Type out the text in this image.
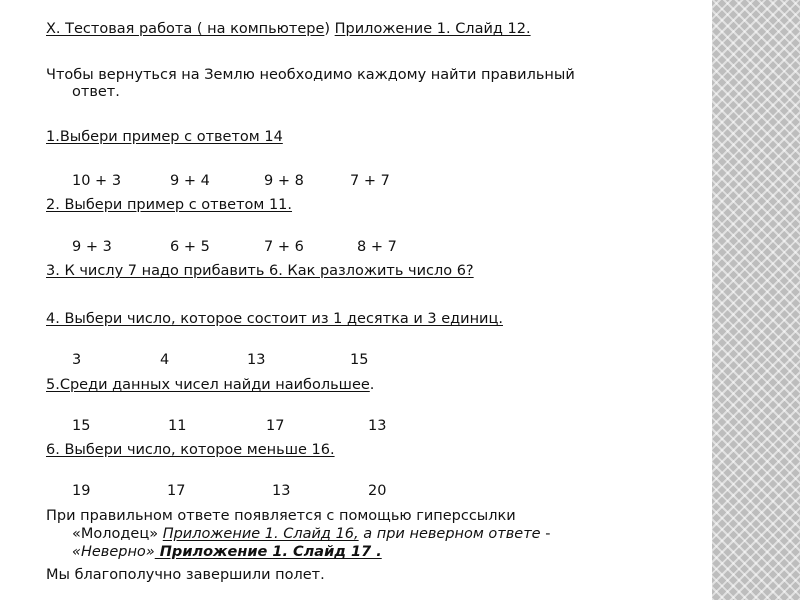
Х. Тестовая работа ( на компьютере) Приложение 1. Слайд 12.
Чтобы вернуться на Землю необходимо каждому найти правильный
ответ.
1.Выбери пример с ответом 14
10 + 3	9 + 4	9 + 8	7 + 7
2. Выбери пример с ответом 11.
9 + 3	6 + 5	7 + 6	8 + 7
3. К числу 7 надо прибавить 6. Как разложить число 6?
4. Выбери число, которое состоит из 1 десятка и 3 единиц.
3	4	13	15
5.Среди данных чисел найди наибольшее.
15	11	17	13
6. Выбери число, которое меньше 16.
19	17	13	20
При правильном ответе появляется с помощью гиперссылки
«Молодец» Приложение 1. Слайд 16, а при неверном ответе -
«Неверно» Приложение 1. Слайд 17 .
Мы благополучно завершили полет.
